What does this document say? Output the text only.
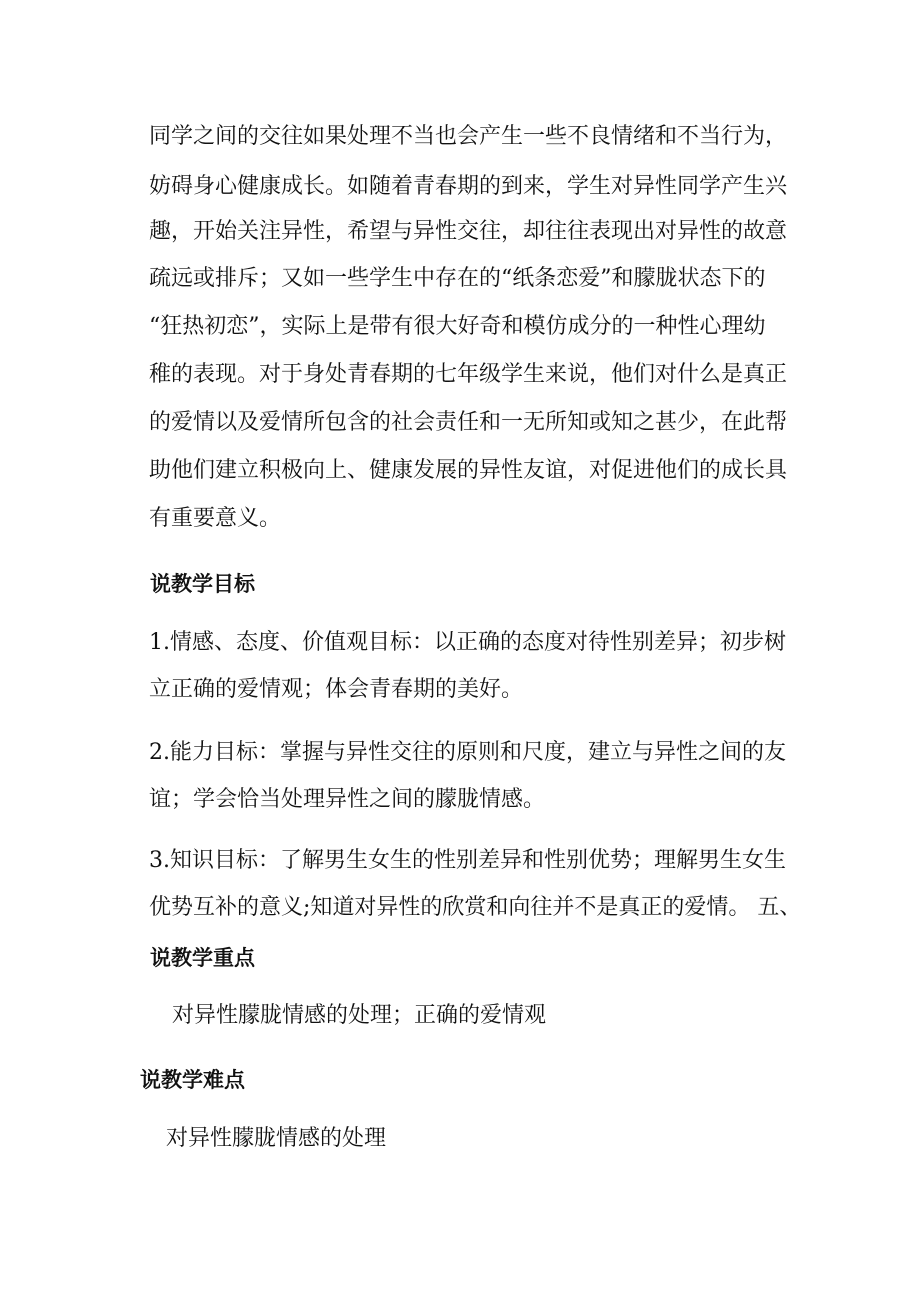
同学之间的交往如果处理不当也会产生一些不良情绪和不当行为，
妨碍身心健康成长。如随着青春期的到来，学生对异性同学产生兴
趣，开始关注异性，希望与异性交往，却往往表现出对异性的故意
疏远或排斥；又如一些学生中存在的“纸条恋爱”和朦胧状态下的
“狂热初恋”，实际上是带有很大好奇和模仿成分的一种性心理幼
稚的表现。对于身处青春期的七年级学生来说，他们对什么是真正
的爱情以及爱情所包含的社会责任和一无所知或知之甚少，在此帮
助他们建立积极向上、健康发展的异性友谊，对促进他们的成长具
有重要意义。
说教学目标
1.情感、态度、价值观目标：以正确的态度对待性别差异；初步树
立正确的爱情观；体会青春期的美好。
2.能力目标：掌握与异性交往的原则和尺度，建立与异性之间的友
谊；学会恰当处理异性之间的朦胧情感。
3.知识目标：了解男生女生的性别差异和性别优势；理解男生女生
优势互补的意义;知道对异性的欣赏和向往并不是真正的爱情。 五、
说教学重点
对异性朦胧情感的处理；正确的爱情观
说教学难点
对异性朦胧情感的处理
